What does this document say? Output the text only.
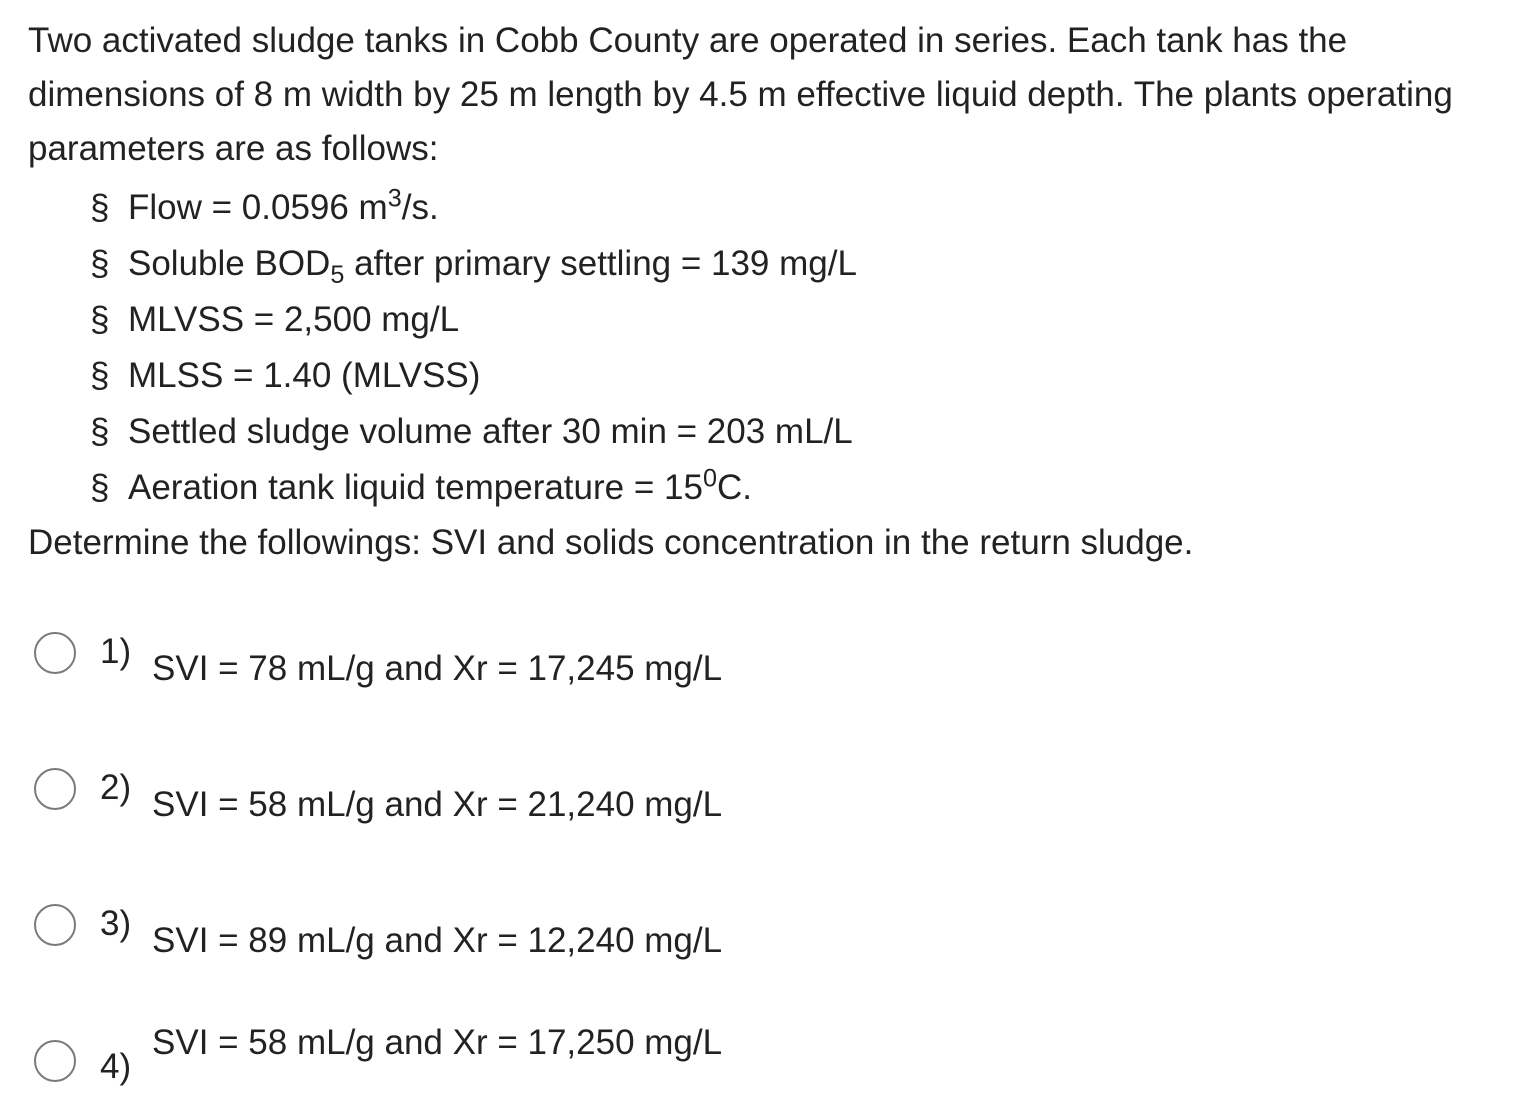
Two activated sludge tanks in Cobb County are operated in series. Each tank has the dimensions of 8 m width by 25 m length by 4.5 m effective liquid depth. The plants operating parameters are as follows:

§ Flow = 0.0596 $m^3/s$.
§ Soluble $BOD_5$ after primary settling = 139 mg/L
§ MLVSS = 2,500 mg/L
§ MLSS = 1.40 (MLVSS)
§ Settled sludge volume after 30 min = 203 mL/L
§ Aeration tank liquid temperature = $15^0C$.

Determine the followings: SVI and solids concentration in the return sludge.

1) SVI = 78 mL/g and Xr = 17,245 mg/L
2) SVI = 58 mL/g and Xr = 21,240 mg/L
3) SVI = 89 mL/g and Xr = 12,240 mg/L
4)
SVI = 58 mL/g and Xr = 17,250 mg/L
